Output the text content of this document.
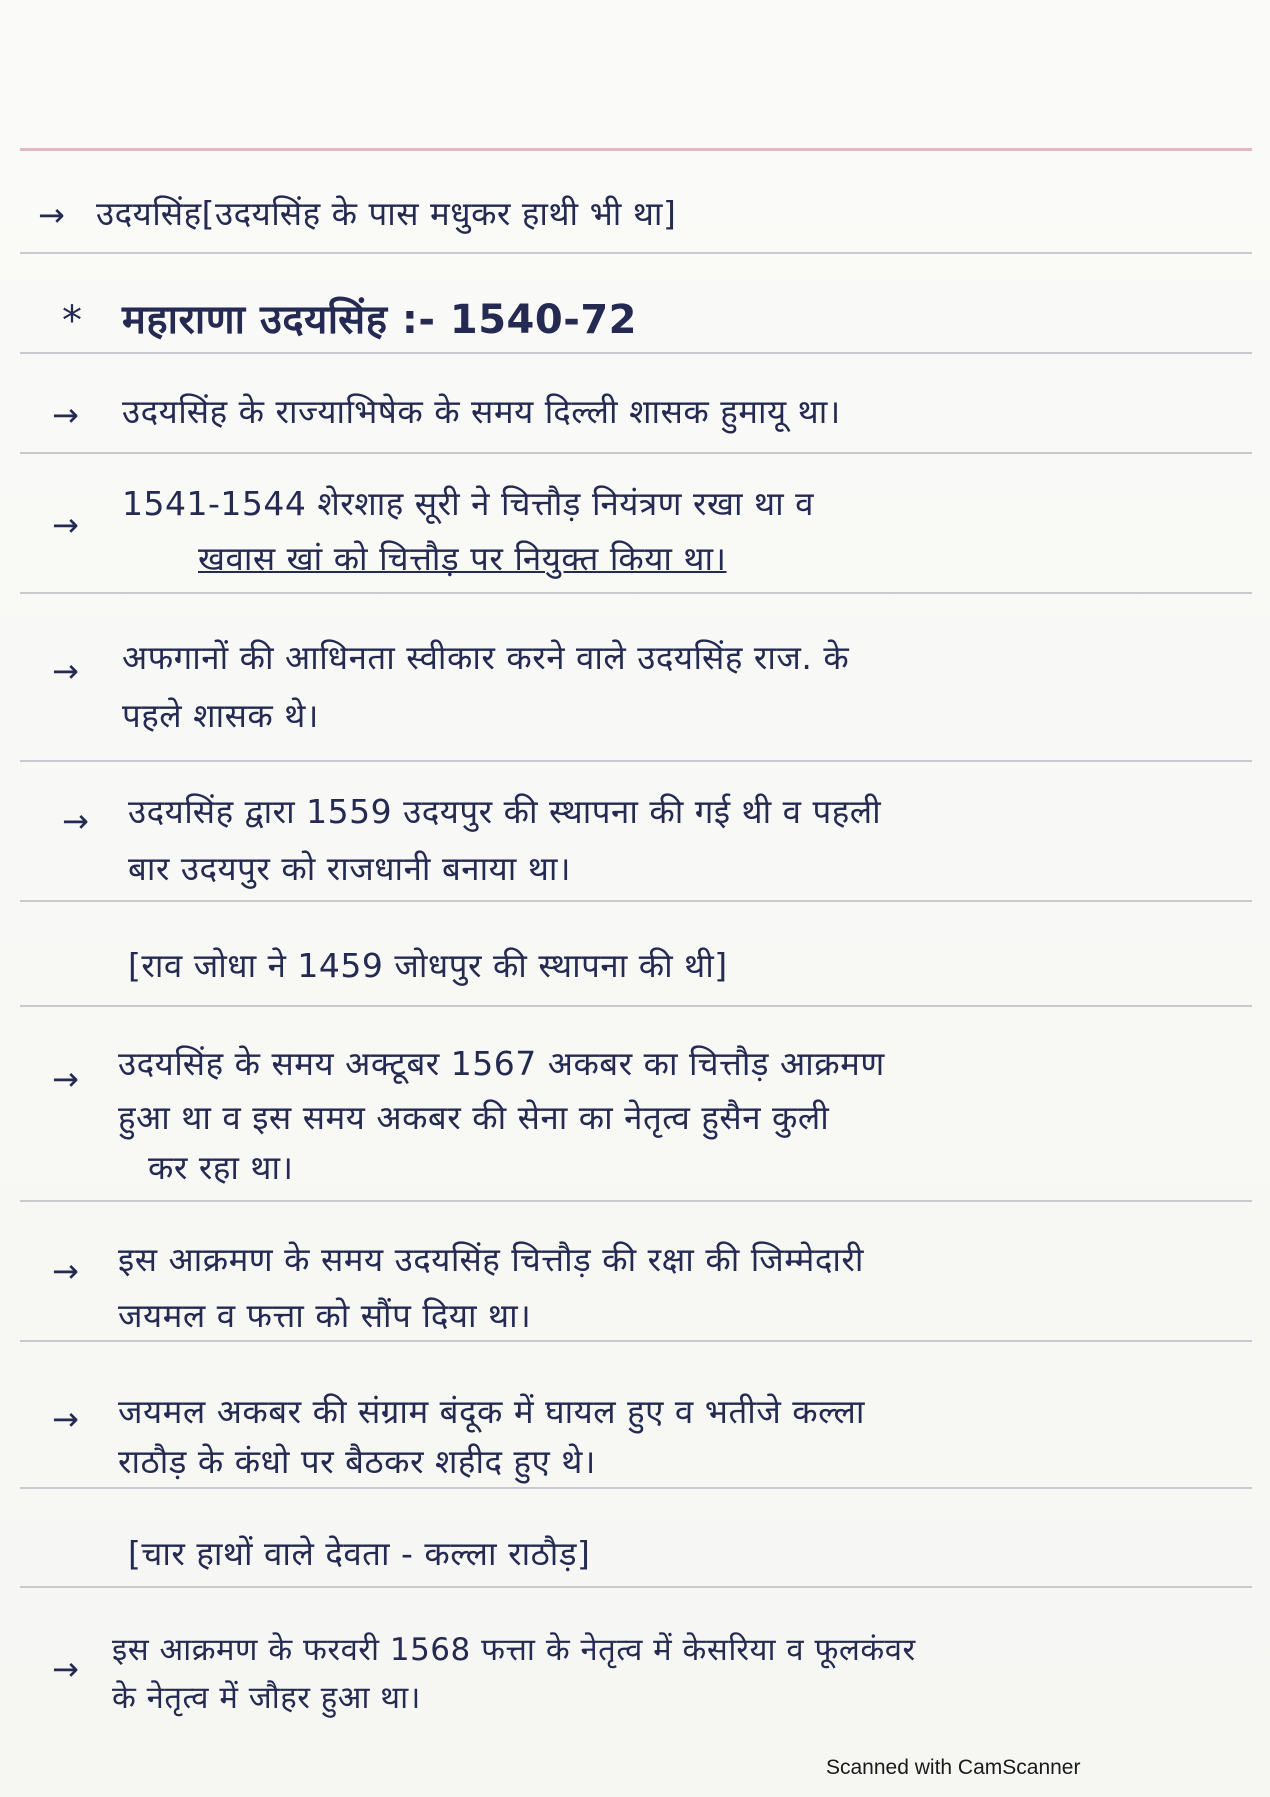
→ उदयसिंह[उदयसिंह के पास मधुकर हाथी भी था]
* महाराणा उदयसिंह :- 1540-72
→ उदयसिंह के राज्याभिषेक के समय दिल्ली शासक हुमायू था।
→
1541-1544 शेरशाह सूरी ने चित्तौड़ नियंत्रण रखा था व
खवास खां को चित्तौड़ पर नियुक्त किया था।
→ अफगानों की आधिनता स्वीकार करने वाले उदयसिंह राज. के
पहले शासक थे।
→ उदयसिंह द्वारा 1559 उदयपुर की स्थापना की गई थी व पहली
बार उदयपुर को राजधानी बनाया था।
[राव जोधा ने 1459 जोधपुर की स्थापना की थी]
→ उदयसिंह के समय अक्टूबर 1567 अकबर का चित्तौड़ आक्रमण
हुआ था व इस समय अकबर की सेना का नेतृत्व हुसैन कुली
कर रहा था।
→ इस आक्रमण के समय उदयसिंह चित्तौड़ की रक्षा की जिम्मेदारी
जयमल व फत्ता को सौंप दिया था।
→ जयमल अकबर की संग्राम बंदूक में घायल हुए व भतीजे कल्ला
राठौड़ के कंधो पर बैठकर शहीद हुए थे।
[चार हाथों वाले देवता - कल्ला राठौड़]
→ इस आक्रमण के फरवरी 1568 फत्ता के नेतृत्व में केसरिया व फूलकंवर
के नेतृत्व में जौहर हुआ था।
Scanned with CamScanner
